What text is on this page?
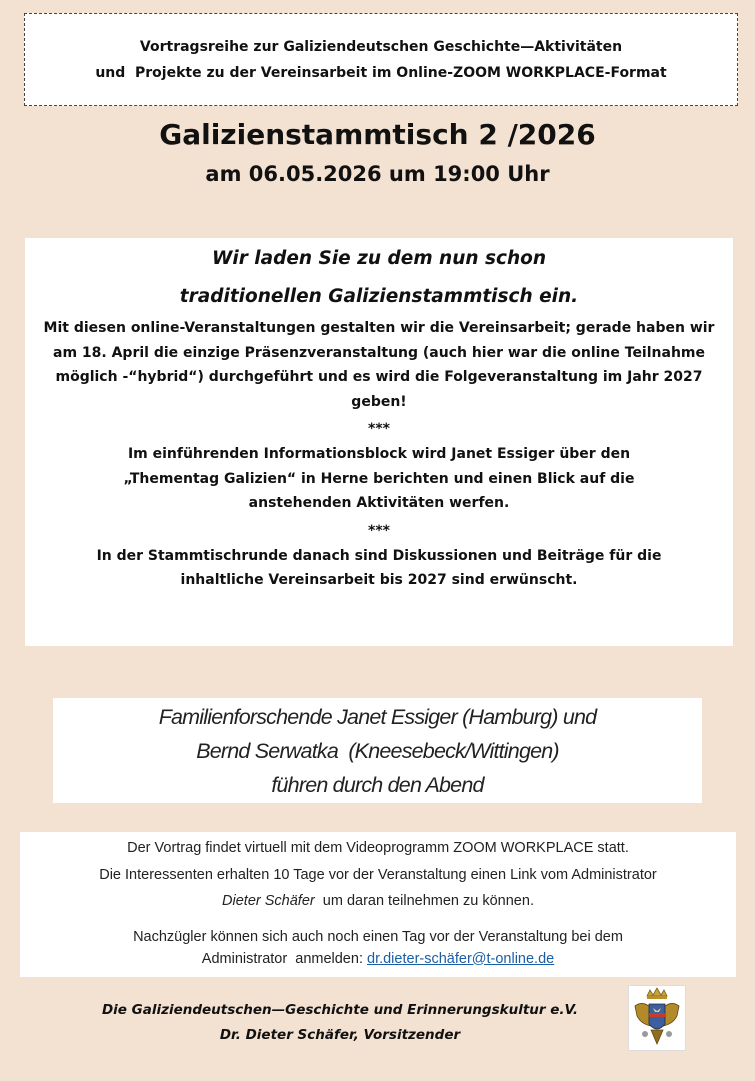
Vortragsreihe zur Galiziendeutschen Geschichte—Aktivitäten
und  Projekte zu der Vereinsarbeit im Online-ZOOM WORKPLACE-Format
Galizienstammtisch 2 /2026
am 06.05.2026 um 19:00 Uhr

Wir laden Sie zu dem nun schon

traditionellen Galizienstammtisch ein.

Mit diesen online-Veranstaltungen gestalten wir die Vereinsarbeit; gerade haben wir am 18. April die einzige Präsenzveranstaltung (auch hier war die online Teilnahme möglich -“hybrid“) durchgeführt und es wird die Folgeveranstaltung im Jahr 2027 geben!

***

Im einführenden Informationsblock wird Janet Essiger über den „Thementag Galizien“ in Herne berichten und einen Blick auf die anstehenden Aktivitäten werfen.

***

In der Stammtischrunde danach sind Diskussionen und Beiträge für die inhaltliche Vereinsarbeit bis 2027 sind erwünscht.

Familienforschende Janet Essiger (Hamburg) und
Bernd Serwatka  (Kneesebeck/Wittingen)
führen durch den Abend

Der Vortrag findet virtuell mit dem Videoprogramm ZOOM WORKPLACE statt.

Die Interessenten erhalten 10 Tage vor der Veranstaltung einen Link vom Administrator

Dieter Schäfer  um daran teilnehmen zu können.

Nachzügler können sich auch noch einen Tag vor der Veranstaltung bei dem

Administrator  anmelden: dr.dieter-schäfer@t-online.de

Die Galiziendeutschen—Geschichte und Erinnerungskultur e.V.
Dr. Dieter Schäfer, Vorsitzender
